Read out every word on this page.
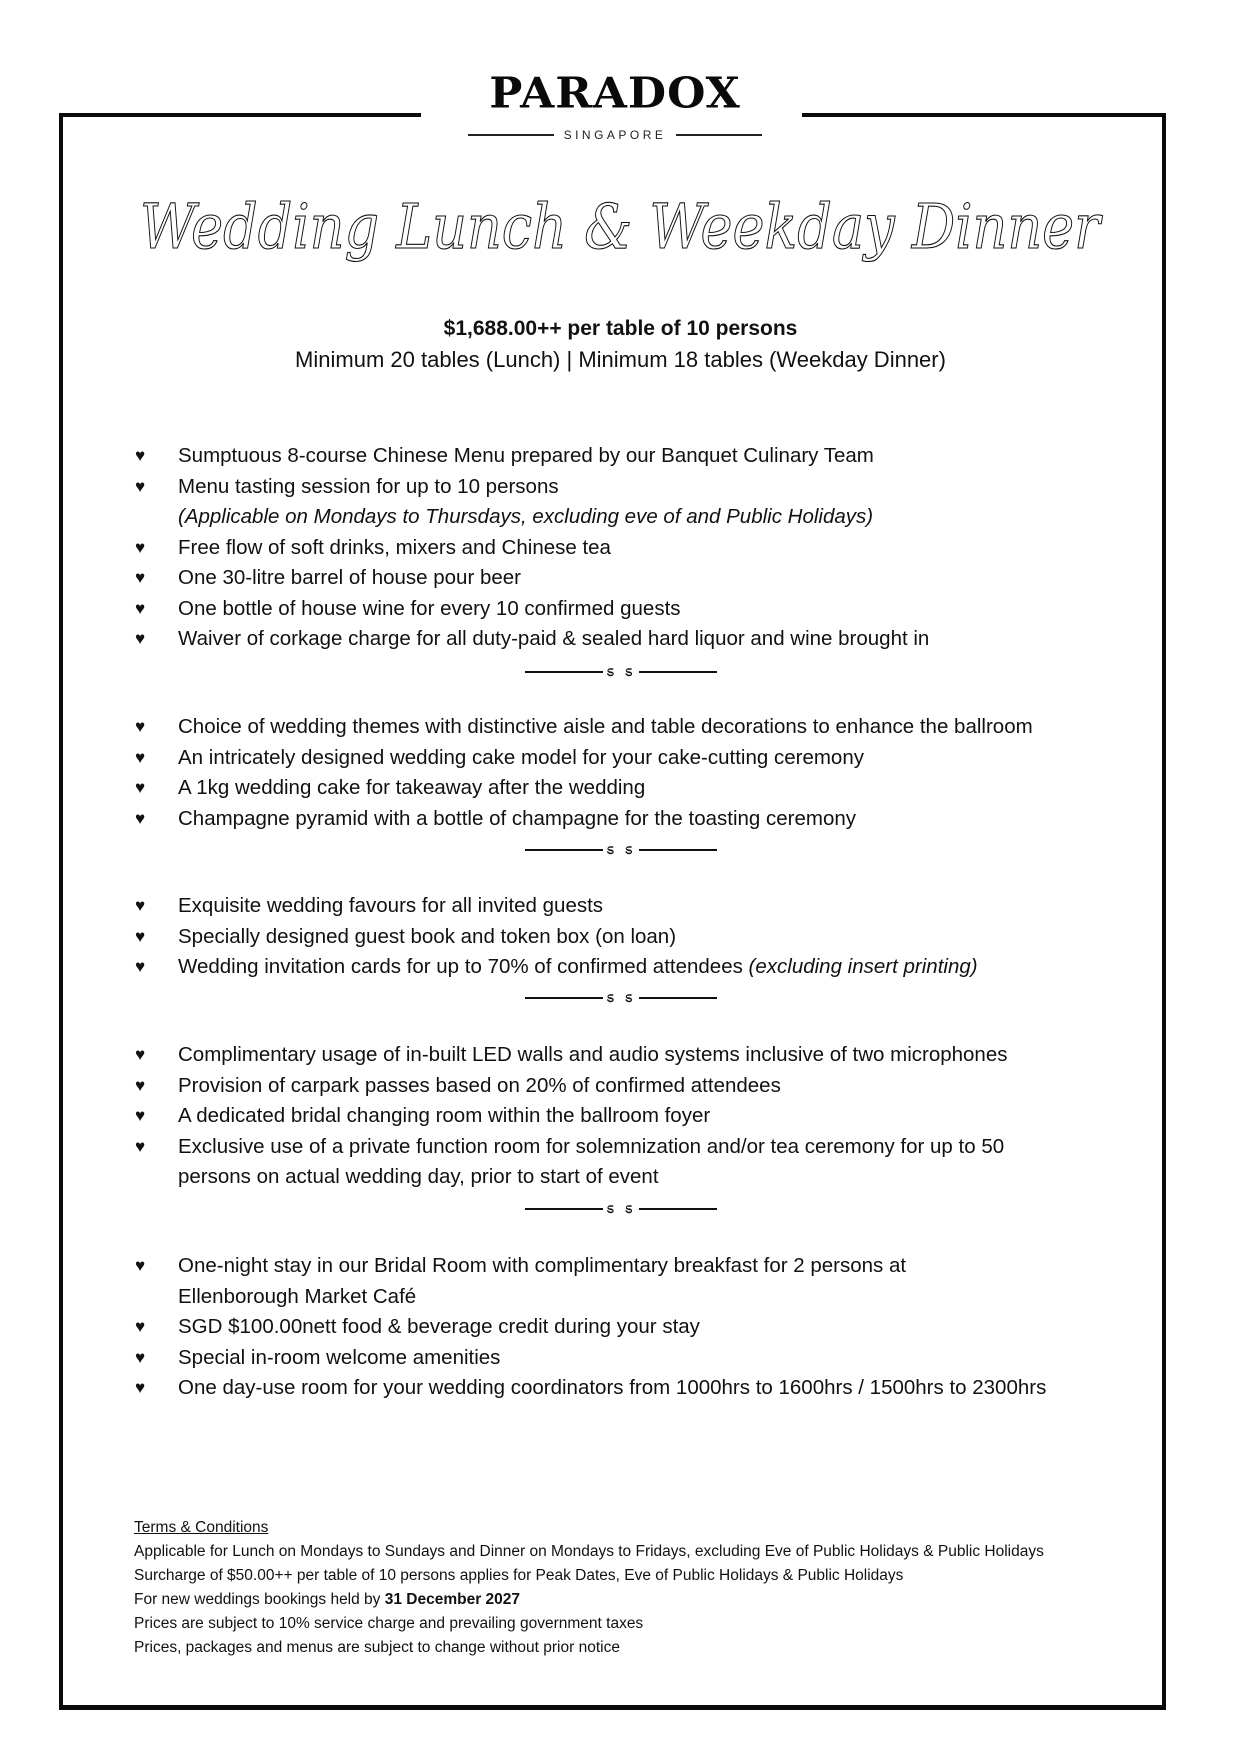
PARADOX
SINGAPORE
Wedding Lunch & Weekday Dinner
$1,688.00++ per table of 10 persons
Minimum 20 tables (Lunch) | Minimum 18 tables (Weekday Dinner)
♥ Sumptuous 8-course Chinese Menu prepared by our Banquet Culinary Team
♥ Menu tasting session for up to 10 persons
(Applicable on Mondays to Thursdays, excluding eve of and Public Holidays)
♥ Free flow of soft drinks, mixers and Chinese tea
♥ One 30-litre barrel of house pour beer
♥ One bottle of house wine for every 10 confirmed guests
♥ Waiver of corkage charge for all duty-paid & sealed hard liquor and wine brought in
ಽ ಽ
♥ Choice of wedding themes with distinctive aisle and table decorations to enhance the ballroom
♥ An intricately designed wedding cake model for your cake-cutting ceremony
♥ A 1kg wedding cake for takeaway after the wedding
♥ Champagne pyramid with a bottle of champagne for the toasting ceremony
ಽ ಽ
♥ Exquisite wedding favours for all invited guests
♥ Specially designed guest book and token box (on loan)
♥ Wedding invitation cards for up to 70% of confirmed attendees (excluding insert printing)
ಽ ಽ
♥ Complimentary usage of in-built LED walls and audio systems inclusive of two microphones
♥ Provision of carpark passes based on 20% of confirmed attendees
♥ A dedicated bridal changing room within the ballroom foyer
♥ Exclusive use of a private function room for solemnization and/or tea ceremony for up to 50
persons on actual wedding day, prior to start of event
ಽ ಽ
♥ One-night stay in our Bridal Room with complimentary breakfast for 2 persons at
Ellenborough Market Café
♥ SGD $100.00nett food & beverage credit during your stay
♥ Special in-room welcome amenities
♥ One day-use room for your wedding coordinators from 1000hrs to 1600hrs / 1500hrs to 2300hrs
Terms & Conditions
Applicable for Lunch on Mondays to Sundays and Dinner on Mondays to Fridays, excluding Eve of Public Holidays & Public Holidays
Surcharge of $50.00++ per table of 10 persons applies for Peak Dates, Eve of Public Holidays & Public Holidays
For new weddings bookings held by 31 December 2027
Prices are subject to 10% service charge and prevailing government taxes
Prices, packages and menus are subject to change without prior notice
